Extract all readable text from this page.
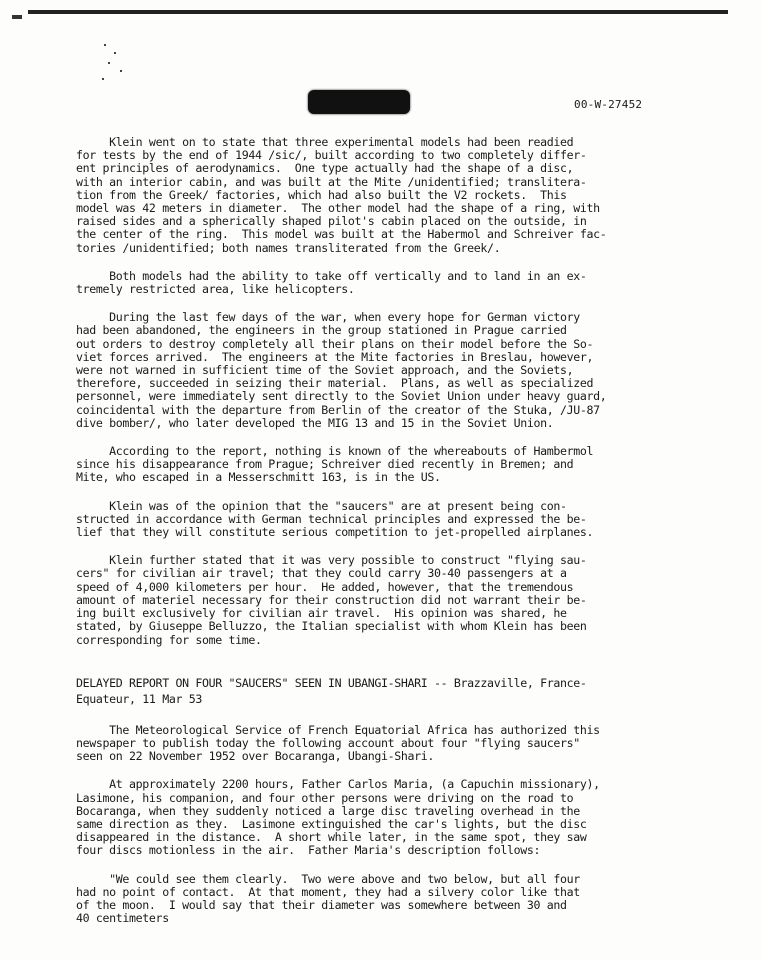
00-W-27452

Klein went on to state that three experimental models had been readied
for tests by the end of 1944 /sic/, built according to two completely differ-
ent principles of aerodynamics.  One type actually had the shape of a disc,
with an interior cabin, and was built at the Mite /unidentified; translitera-
tion from the Greek/ factories, which had also built the V2 rockets.  This
model was 42 meters in diameter.  The other model had the shape of a ring, with
raised sides and a spherically shaped pilot's cabin placed on the outside, in
the center of the ring.  This model was built at the Habermol and Schreiver fac-
tories /unidentified; both names transliterated from the Greek/.

Both models had the ability to take off vertically and to land in an ex-
tremely restricted area, like helicopters.

During the last few days of the war, when every hope for German victory
had been abandoned, the engineers in the group stationed in Prague carried
out orders to destroy completely all their plans on their model before the So-
viet forces arrived.  The engineers at the Mite factories in Breslau, however,
were not warned in sufficient time of the Soviet approach, and the Soviets,
therefore, succeeded in seizing their material.  Plans, as well as specialized
personnel, were immediately sent directly to the Soviet Union under heavy guard,
coincidental with the departure from Berlin of the creator of the Stuka, /JU-87
dive bomber/, who later developed the MIG 13 and 15 in the Soviet Union.

According to the report, nothing is known of the whereabouts of Hambermol
since his disappearance from Prague; Schreiver died recently in Bremen; and
Mite, who escaped in a Messerschmitt 163, is in the US.

Klein was of the opinion that the "saucers" are at present being con-
structed in accordance with German technical principles and expressed the be-
lief that they will constitute serious competition to jet-propelled airplanes.

Klein further stated that it was very possible to construct "flying sau-
cers" for civilian air travel; that they could carry 30-40 passengers at a
speed of 4,000 kilometers per hour.  He added, however, that the tremendous
amount of materiel necessary for their construction did not warrant their be-
ing built exclusively for civilian air travel.  His opinion was shared, he
stated, by Giuseppe Belluzzo, the Italian specialist with whom Klein has been
corresponding for some time.

DELAYED REPORT ON FOUR "SAUCERS" SEEN IN UBANGI-SHARI -- Brazzaville, France-
Equateur, 11 Mar 53

The Meteorological Service of French Equatorial Africa has authorized this
newspaper to publish today the following account about four "flying saucers"
seen on 22 November 1952 over Bocaranga, Ubangi-Shari.

At approximately 2200 hours, Father Carlos Maria, (a Capuchin missionary),
Lasimone, his companion, and four other persons were driving on the road to
Bocaranga, when they suddenly noticed a large disc traveling overhead in the
same direction as they.  Lasimone extinguished the car's lights, but the disc
disappeared in the distance.  A short while later, in the same spot, they saw
four discs motionless in the air.  Father Maria's description follows:

"We could see them clearly.  Two were above and two below, but all four
had no point of contact.  At that moment, they had a silvery color like that
of the moon.  I would say that their diameter was somewhere between 30 and
40 centimeters
